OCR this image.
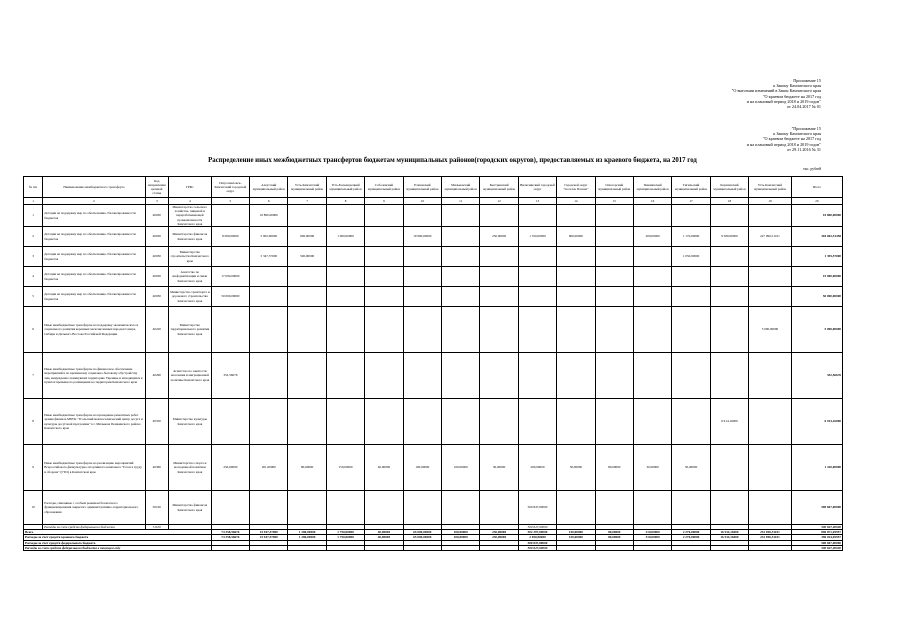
Приложение 15
к Закону Камчатского края
"О внесении изменений в Закон Камчатского края
"О краевом бюджете на 2017 год
и на плановый период 2018 и 2019 годов"
от 24.04.2017 № 01
"Приложение 15
к Закону Камчатского края
"О краевом бюджете на 2017 год
и на плановый период 2018 и 2019 годов"
от 29.11.2016 № 31
Распределение иных межбюджетных трансфертов бюджетам муниципальных районов(городских округов), предоставляемых из краевого бюджета, на 2017 год
тыс. рублей
№ п/п	Наименование межбюджетного трансферта	Код направления целевой статьи	ГРБС	Петропавловск-Камчатский городской округ	Алеутский муниципальный район	Усть-Камчатский муниципальный район	Усть-Большерецкий муниципальный район	Соболевский муниципальный район	Елизовский муниципальный район	Мильковский муниципальный район	Быстринский муниципальный район	Вилючинский городской округ	Городской округ "поселок Палана"	Олюторский муниципальный район	Пенжинский муниципальный район	Тигильский муниципальный район	Карагинский муниципальный район	Усть-Камчатский муниципальный район	Итого
1	2	3	4	5	6	7	8	9	10	11	12	13	14	15	16	17	18	19	20
1	Дотация на поддержку мер по обеспечению сбалансированности бюджетов	40030	Министерство сельского хозяйства, пищевой и перерабатывающей промышленности Камчатского края		10 800,00000														10 800,00000
2	Дотация на поддержку мер по обеспечению сбалансированности бюджетов	40030	Министерство финансов Камчатского края	8 000,00000	5 902,00000	900,00000	1 000,00000		19 900,00000		250,00000	1 550,00000	600,00000		200,00000	1 170,00000	9 580,00000	227 096,51101	304 062,51458
3	Дотация на поддержку мер по обеспечению сбалансированности бюджетов	40030	Министерство строительства Камчатского края		5 347,57000	500,00000										1 050,00000			1 395,57000
4	Дотация на поддержку мер по обеспечению сбалансированности бюджетов	40030	Агентство по информатизации и связи Камчатского края	17 000,00000															19 000,00000
5	Дотация на поддержку мер по обеспечению сбалансированности бюджетов	40030	Министерство транспорта и дорожного строительства Камчатского края	50 000,00000															50 000,00000
6	Иные межбюджетные трансферты на поддержку экономического и социального развития коренных малочисленных народов Севера, Сибири и Дальнего Востока Российской Федерации	40220	Министерство территориального развития Камчатского края															5 000,00000	5 000,00000
7	Иные межбюджетные трансферты на финансовое обеспечение мероприятий в по временному социально-бытовому обустройству лиц, вынужденно покинувших территорию Украины и находящихся в пунктах временного размещения на территории Камчатского края	40290	Агентство по занятости населения и миграционной политике Камчатского края	352,56676															352,56676
8	Иные межбюджетные трансферты на проведение ремонтных работ здания филиала МБУК "Усольский межпоселенческий центр досуга и культуры досуговой программы" в г. Милькове Пенжинского района Камчатского края	40350	Министерство культуры Камчатского края														6 914,16000		6 914,16000
9	Иные межбюджетные трансферты на реализацию мероприятий Всероссийского физкультурно-спортивного комплекса "Готов к труду и обороне" (ГТО) в Камчатском крае	40360	Министерство спорта и молодежной политики Камчатского края	250,00000	201,00000	80,00000	150,00000	40,00000	100,00000	100,00000	30,00000	200,00000	30,00000	80,00000	30,00000	50,00000			1 410,00000
10	Расходы, связанные с особым режимом безопасного функционирования закрытого административно-территориального образования	50100	Министерство финансов Камчатского края									500 847,00000							500 847,00000
	Расходы за счет средств федерального бюджета	51100										500 847,00000							500 847,00000
Всего				74 358,56676	15 947,57000	1 280,00000	1 750,00000	40,00000	65 000,00000	100,00000	230,00000	502 397,00000	150,00000	80,00000	310,00000	2 270,00000	16 534,16000	232 096,51101	896 871,05957
Расходы за счет средств краевого бюджета				74 358,56676	15 947,57000	1 280,00000	1 750,00000	40,00000	65 000,00000	100,00000	230,00000	2 050,00000	150,00000	80,00000	310,00000	2 270,00000	16 534,16000	232 096,51101	396 024,05957
Расходы за счет средств федерального бюджета												500 847,00000							500 847,00000
Расходы за счет средств федерального бюджета в текущем году												500 847,00000							500 847,00000
